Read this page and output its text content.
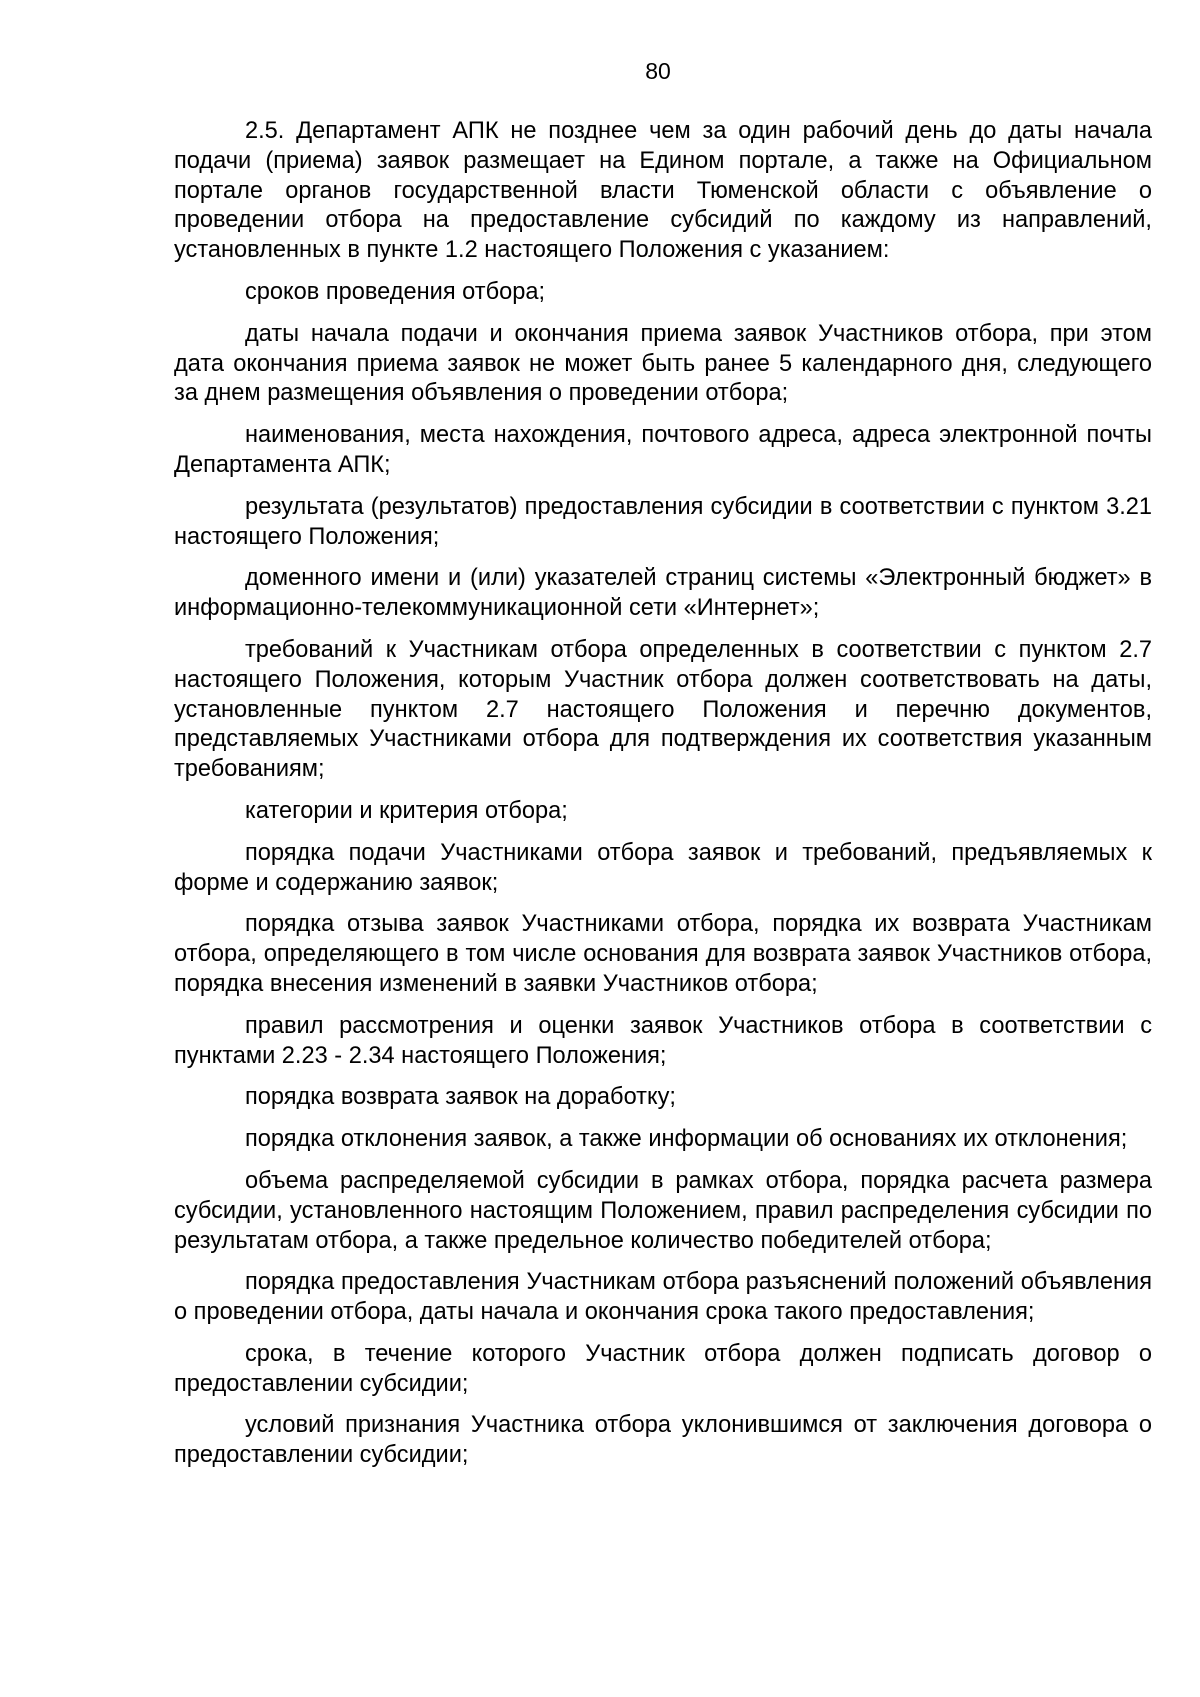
80

2.5. Департамент АПК не позднее чем за один рабочий день до даты начала подачи (приема) заявок размещает на Едином портале, а также на Официальном портале органов государственной власти Тюменской области с объявление о проведении отбора на предоставление субсидий по каждому из направлений, установленных в пункте 1.2 настоящего Положения с указанием:

сроков проведения отбора;

даты начала подачи и окончания приема заявок Участников отбора, при этом дата окончания приема заявок не может быть ранее 5 календарного дня, следующего за днем размещения объявления о проведении отбора;

наименования, места нахождения, почтового адреса, адреса электронной почты Департамента АПК;

результата (результатов) предоставления субсидии в соответствии с пунктом 3.21 настоящего Положения;

доменного имени и (или) указателей страниц системы «Электронный бюджет» в информационно-телекоммуникационной сети «Интернет»;

требований к Участникам отбора определенных в соответствии с пунктом 2.7 настоящего Положения, которым Участник отбора должен соответствовать на даты, установленные пунктом 2.7 настоящего Положения и перечню документов, представляемых Участниками отбора для подтверждения их соответствия указанным требованиям;

категории и критерия отбора;

порядка подачи Участниками отбора заявок и требований, предъявляемых к форме и содержанию заявок;

порядка отзыва заявок Участниками отбора, порядка их возврата Участникам отбора, определяющего в том числе основания для возврата заявок Участников отбора, порядка внесения изменений в заявки Участников отбора;

правил рассмотрения и оценки заявок Участников отбора в соответствии с пунктами 2.23 - 2.34 настоящего Положения;

порядка возврата заявок на доработку;

порядка отклонения заявок, а также информации об основаниях их отклонения;

объема распределяемой субсидии в рамках отбора, порядка расчета размера субсидии, установленного настоящим Положением, правил распределения субсидии по результатам отбора, а также предельное количество победителей отбора;

порядка предоставления Участникам отбора разъяснений положений объявления о проведении отбора, даты начала и окончания срока такого предоставления;

срока, в течение которого Участник отбора должен подписать договор о предоставлении субсидии;

условий признания Участника отбора уклонившимся от заключения договора о предоставлении субсидии;
